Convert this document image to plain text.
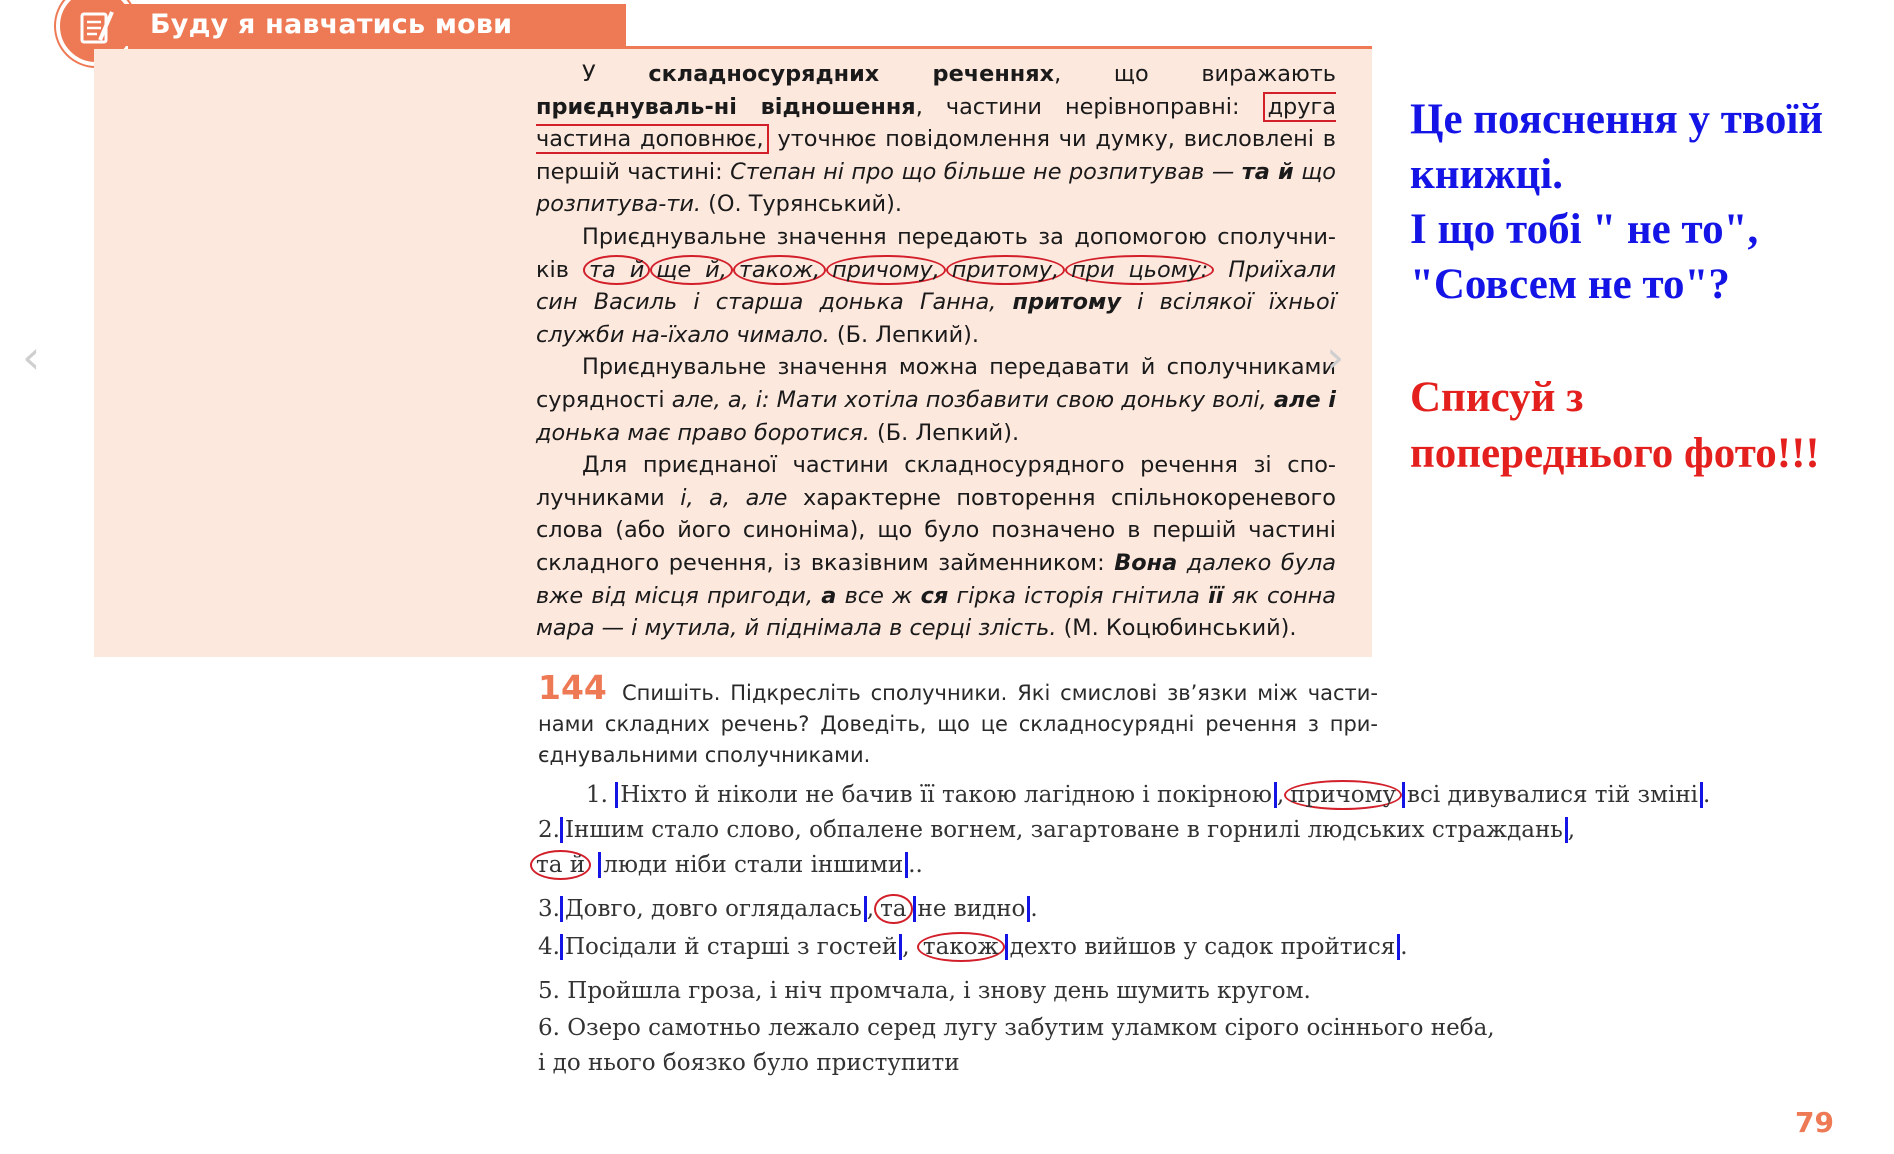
Буду я навчатись мови

У складносурядних реченнях, що виражають приєднуваль-ні відношення, частини нерівноправні: друга частина доповнює, уточнює повідомлення чи думку, висловлені в першій частині: Степан ні про що більше не розпитував — та й що розпитува-ти. (О. Турянський).

Приєднувальне значення передають за допомогою сполучни-ків та й ще й, також, причому, притому, при цьому: Приїхали син Василь і старша донька Ганна, притому і всілякої їхньої служби на-їхало чимало. (Б. Лепкий).

Приєднувальне значення можна передавати й сполучниками сурядності але, а, і: Мати хотіла позбавити свою доньку волі, але і донька має право боротися. (Б. Лепкий).

Для приєднаної частини складносурядного речення зі спо-лучниками і, а, але характерне повторення спільнокореневого слова (або його синоніма), що було позначено в першій частині складного речення, із вказівним займенником: Вона далеко була вже від місця пригоди, а все ж ся гірка історія гнітила її як сонна мара — і мутила, й піднімала в серці злість. (М. Коцюбинський).

‹	›
Це пояснення у твоїй
книжці.
І що тобі " не то",
"Совсем не то"?
Списуй з
попереднього фото!!!
144 Спишіть. Підкресліть сполучники. Які смислові зв’язки між части-нами складних речень? Доведіть, що це складносурядні речення з при-єднувальними сполучниками.
1. Ніхто й ніколи не бачив її такою лагідною і покірною , причому всі дивувалися тій зміні .
2. Іншим стало слово, обпалене вогнем, загартоване в горнилі людських страждань ,
та й люди ніби стали іншими ..
3. Довго, довго оглядалась , та не видно .
4. Посідали й старші з гостей , також дехто вийшов у садок пройтися .
5. Пройшла гроза, і ніч промчала, і знову день шумить кругом.
6. Озеро самотньо лежало серед лугу забутим уламком сірого осіннього неба,
і до нього боязко було приступити
79
